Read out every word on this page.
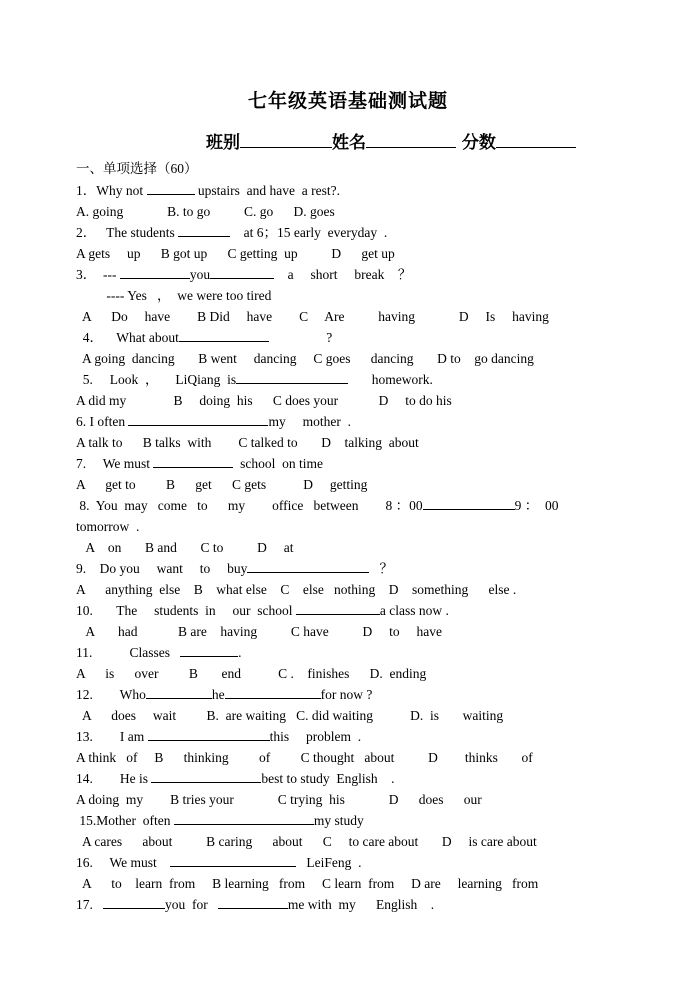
七年级英语基础测试题
班别	姓名	分数
一、单项选择（60）
1．Why not	upstairs  and have  a rest?.
A. going             B. to go          C. go      D. goes
2．   The students	at 6；15 early  everyday  .
A gets     up      B got up      C getting  up          D      get up
3．  ---	you	a     short     break    ？
---- Yes   ，  we were too tired
A      Do     have        B Did     have        C     Are          having             D     Is     having
4．    What about	?
A going  dancing       B went     dancing     C goes      dancing       D to    go dancing
5.     Look  ，     LiQiang  is	homework.
A did my              B     doing  his      C does your            D     to do his
6. I often	my     mother  .
A talk to      B talks  with        C talked to       D    talking  about
7.     We must	school  on time
A      get to         B      get      C gets           D     getting
8.  You  may   come   to      my        office   between        8 ：00	9 ：  00
tomorrow  .
A    on       B and       C to          D     at
9.    Do you     want     to     buy	？
A      anything  else    B    what else    C    else   nothing    D    something      else .
10.       The     students  in     our  school	a class now .
A       had            B are    having          C have          D     to     have
11.           Classes	.
A      is      over         B       end           C .    finishes      D.  ending
12.        Who	he	for now ?
A      does     wait         B.  are waiting   C. did waiting           D.  is       waiting
13.        I am	this     problem  .
A think   of     B      thinking         of         C thought   about          D        thinks       of
14.        He is	best to study  English    .
A doing  my        B tries your             C trying  his             D      does      our
15.Mother  often	my study
A cares      about          B caring      about      C     to care about       D     is care about
16.     We must	LeiFeng  .
A      to    learn  from     B learning   from     C learn  from     D are     learning   from
17.	you  for	me with  my      English    .
